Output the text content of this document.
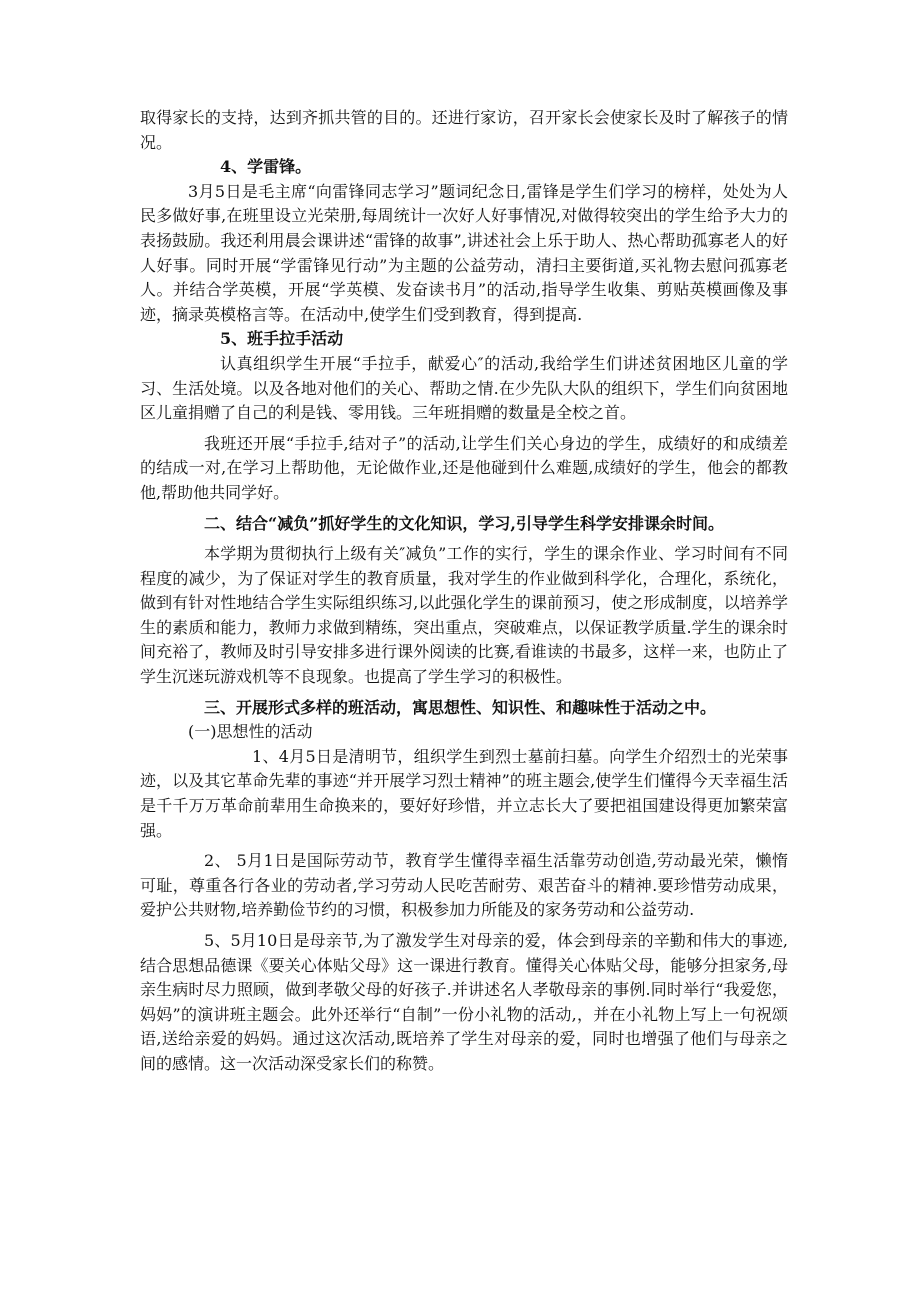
取得家长的支持，达到齐抓共管的目的。还进行家访，召开家长会使家长及时了解孩子的情况。

4、学雷锋。

3月5日是毛主席“向雷锋同志学习”题词纪念日,雷锋是学生们学习的榜样，处处为人民多做好事,在班里设立光荣册,每周统计一次好人好事情况,对做得较突出的学生给予大力的表扬鼓励。我还利用晨会课讲述“雷锋的故事”,讲述社会上乐于助人、热心帮助孤寡老人的好人好事。同时开展“学雷锋见行动”为主题的公益劳动，清扫主要街道,买礼物去慰问孤寡老人。并结合学英模，开展“学英模、发奋读书月”的活动,指导学生收集、剪贴英模画像及事迹，摘录英模格言等。在活动中,使学生们受到教育，得到提高.

5、班手拉手活动

认真组织学生开展“手拉手，献爱心″的活动,我给学生们讲述贫困地区儿童的学习、生活处境。以及各地对他们的关心、帮助之情.在少先队大队的组织下，学生们向贫困地区儿童捐赠了自己的利是钱、零用钱。三年班捐赠的数量是全校之首。

我班还开展“手拉手,结对子”的活动,让学生们关心身边的学生，成绩好的和成绩差的结成一对,在学习上帮助他，无论做作业,还是他碰到什么难题,成绩好的学生，他会的都教他,帮助他共同学好。

二、结合“减负”抓好学生的文化知识，学习,引导学生科学安排课余时间。

本学期为贯彻执行上级有关″减负”工作的实行，学生的课余作业、学习时间有不同程度的减少，为了保证对学生的教育质量，我对学生的作业做到科学化，合理化，系统化，做到有针对性地结合学生实际组织练习,以此强化学生的课前预习，使之形成制度，以培养学生的素质和能力，教师力求做到精练，突出重点，突破难点，以保证教学质量.学生的课余时间充裕了，教师及时引导安排多进行课外阅读的比赛,看谁读的书最多，这样一来，也防止了学生沉迷玩游戏机等不良现象。也提高了学生学习的积极性。

三、开展形式多样的班活动，寓思想性、知识性、和趣味性于活动之中。

(一)思想性的活动

1、4月5日是清明节，组织学生到烈士墓前扫墓。向学生介绍烈士的光荣事迹，以及其它革命先辈的事迹“并开展学习烈士精神”的班主题会,使学生们懂得今天幸福生活是千千万万革命前辈用生命换来的，要好好珍惜，并立志长大了要把祖国建设得更加繁荣富强。

2、 5月1日是国际劳动节，教育学生懂得幸福生活靠劳动创造,劳动最光荣，懒惰可耻，尊重各行各业的劳动者,学习劳动人民吃苦耐劳、艰苦奋斗的精神.要珍惜劳动成果，爱护公共财物,培养勤俭节约的习惯，积极参加力所能及的家务劳动和公益劳动.

5、5月10日是母亲节,为了激发学生对母亲的爱，体会到母亲的辛勤和伟大的事迹,结合思想品德课《要关心体贴父母》这一课进行教育。懂得关心体贴父母，能够分担家务,母亲生病时尽力照顾，做到孝敬父母的好孩子.并讲述名人孝敬母亲的事例.同时举行“我爱您，妈妈”的演讲班主题会。此外还举行“自制”一份小礼物的活动,，并在小礼物上写上一句祝颂语,送给亲爱的妈妈。通过这次活动,既培养了学生对母亲的爱，同时也增强了他们与母亲之间的感情。这一次活动深受家长们的称赞。
